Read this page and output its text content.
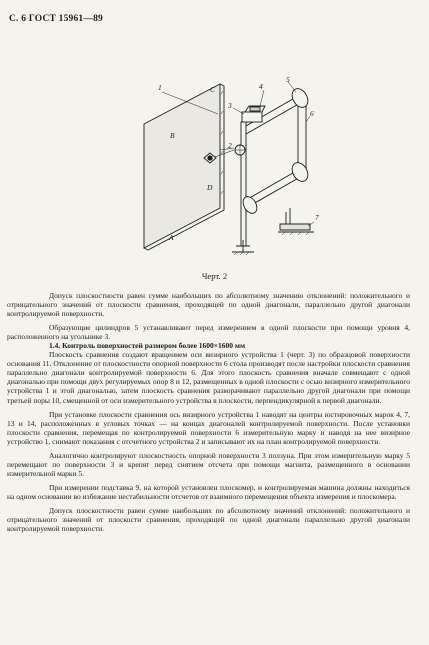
С. 6 ГОСТ 15961—89
1
2
3
4
5
6
7
A
B
C
D
Черт. 2

Допуск плоскостности равен сумме наибольших по абсолютному значению отклонений: положительного и отрицательного значений от плоскости сравнения, проходящей по одной диагонали, параллельно другой диагонали контролируемой поверхности.

Образующие цилиндров 5 устанавливают перед измерением в одной плоскости при помощи уровня 4, расположенного на угольнике 3.

1.4. Контроль поверхностей размером более 1600×1600 мм

Плоскость сравнения создают вращением оси визирного устройства 1 (черт. 3) по образцовой поверхности основания 11. Отклонение от плоскостности опорной поверхности 6 стола производят после настройки плоскости сравнения параллельно диагонали контролируемой поверхности 6. Для этого плоскость сравнения вначале совмещают с одной диагональю при помощи двух регулируемых опор 8 и 12, размещенных в одной плоскости с осью визирного измерительного устройства 1 и этой диагональю, затем плоскость сравнения разворачивают параллельно другой диагонали при помощи третьей поры 10, смещенной от оси измерительного устройства в плоскости, перпендикулярной к первой диагонали.

При установке плоскости сравнения ось визирного устройства 1 наводят на центры юстировочных марок 4, 7, 13 и 14, расположенных в угловых точках — на концах диагоналей контролируемой поверхности. После установки плоскости сравнения, перемещая по контролируемой поверхности 6 измерительную марку и наводя на нее визирное устройство 1, снимают показания с отсчетного устройства 2 и записывают их на план контролируемой поверхности.

Аналогично контролируют плоскостность опорной поверхности 3 ползуна. При этом измерительную марку 5 перемещают по поверхности 3 и крепят перед снятием отсчета при помощи магнита, размещенного в основании измерительной марки 5.

При измерении подставка 9, на которой установлен плоскомер, и контролируемая машина должны находиться на одном основании во избежание нестабильности отсчетов от взаимного перемещения объекта измерения и плоскомера.

Допуск плоскостности равен сумме наибольших по абсолютному значений отклонений: положительного и отрицательного значений от плоскости сравнения, проходящей по одной диагонали параллельно другой диагонали контролируемой поверхности.
